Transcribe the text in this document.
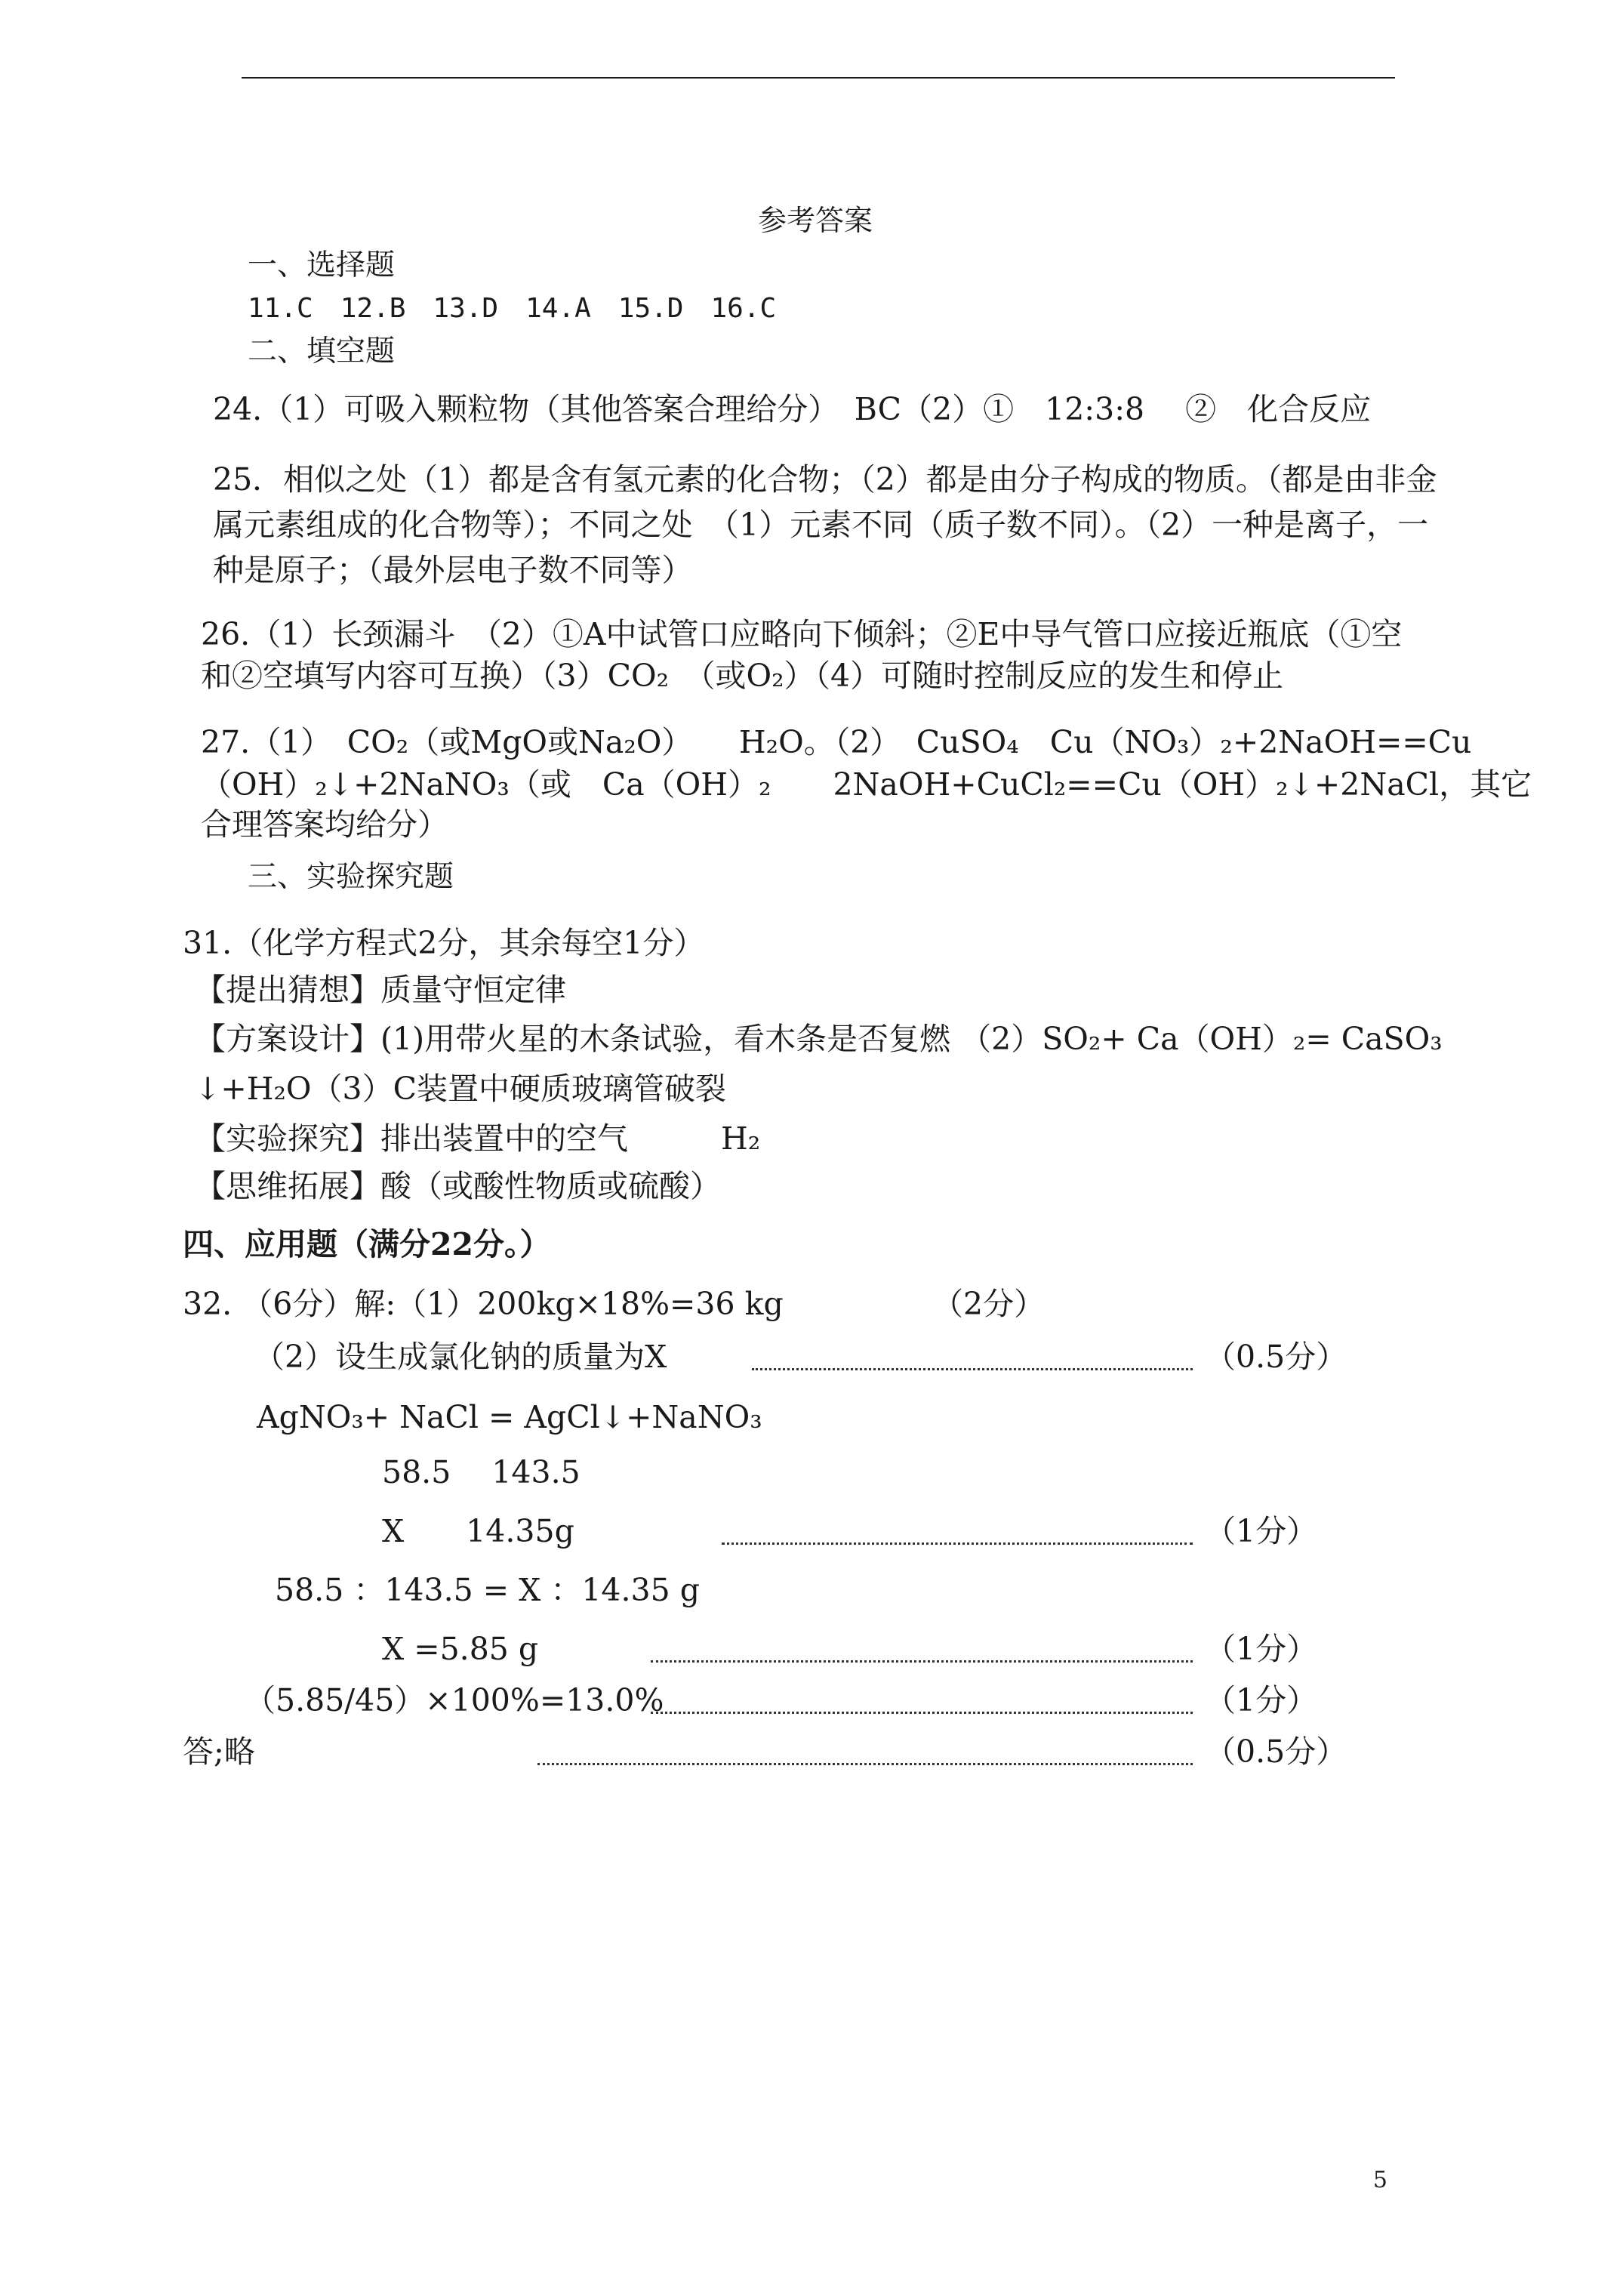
参考答案
一、选择题
11.C　12.B　13.D　14.A　15.D　16.C
二、填空题
24.（1）可吸入颗粒物（其他答案合理给分）　BC（2）①　12:3:8　 ②　化合反应
25．相似之处（1）都是含有氢元素的化合物；（2）都是由分子构成的物质。（都是由非金
属元素组成的化合物等）；不同之处　（1）元素不同（质子数不同）。（2）一种是离子，一
种是原子；（最外层电子数不同等）
26.（1）长颈漏斗　（2）①A中试管口应略向下倾斜；②E中导气管口应接近瓶底（①空
和②空填写内容可互换）（3）CO₂　（或O₂）（4）可随时控制反应的发生和停止
27.（1）　CO₂（或MgO或Na₂O）　　H₂O。（2）　CuSO₄　Cu（NO₃）₂+2NaOH==Cu
（OH）₂↓+2NaNO₃（或　Ca（OH）₂　　2NaOH+CuCl₂==Cu（OH）₂↓+2NaCl，其它
合理答案均给分）
三、实验探究题
31.（化学方程式2分，其余每空1分）
【提出猜想】质量守恒定律
【方案设计】(1)用带火星的木条试验，看木条是否复燃 （2）SO₂+ Ca（OH）₂= CaSO₃
↓+H₂O（3）C装置中硬质玻璃管破裂
【实验探究】排出装置中的空气　　　H₂
【思维拓展】酸（或酸性物质或硫酸）
四、应用题（满分22分。）
32. （6分）解:（1）200kg×18%=36 kg	（2分）
（2）设生成氯化钠的质量为X	（0.5分）
AgNO₃+ NaCl = AgCl↓+NaNO₃
58.5　 143.5
X　　14.35g	（1分）
58.5 ：143.5 = X ：14.35 g
X =5.85 g	（1分）
（5.85/45）×100%=13.0%	（1分）
答;略	（0.5分）
5
